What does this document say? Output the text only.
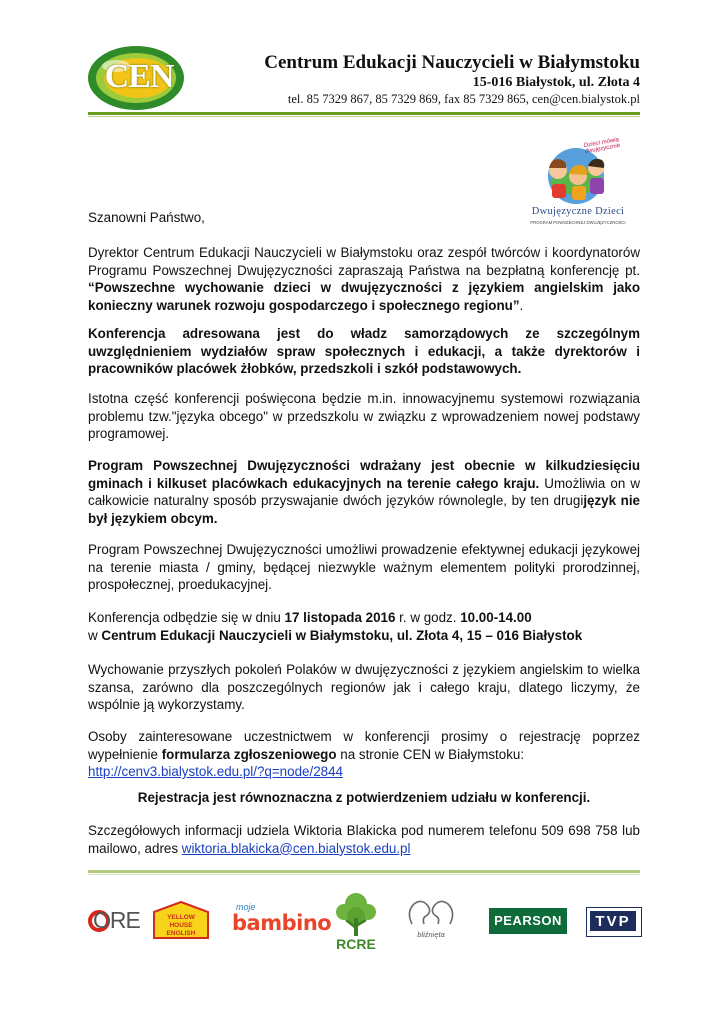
CEN	Centrum Edukacji Nauczycieli w Białymstoku
15-016 Białystok, ul. Złota 4
tel. 85 7329 867, 85 7329 869, fax 85 7329 865, cen@cen.bialystok.pl
Dzieci mówią dwujęzycznie
Dwujęzyczne Dzieci
PROGRAM POWSZECHNEJ DWUJĘZYCZNOŚCI

Szanowni Państwo,

Dyrektor Centrum Edukacji Nauczycieli w Białymstoku oraz zespół twórców i koordynatorów Programu Powszechnej Dwujęzyczności zapraszają Państwa na bezpłatną konferencję pt. “Powszechne wychowanie dzieci w dwujęzyczności z językiem angielskim jako konieczny warunek rozwoju gospodarczego i społecznego regionu”.

Konferencja adresowana jest do władz samorządowych ze szczególnym uwzględnieniem wydziałów spraw społecznych i edukacji, a także dyrektorów i pracowników placówek żłobków, przedszkoli i szkół podstawowych.

Istotna część konferencji poświęcona będzie m.in. innowacyjnemu systemowi rozwiązania problemu tzw."języka obcego" w przedszkolu w związku z wprowadzeniem nowej podstawy programowej.

Program Powszechnej Dwujęzyczności wdrażany jest obecnie w kilkudziesięciu gminach i kilkuset placówkach edukacyjnych na terenie całego kraju. Umożliwia on w całkowicie naturalny sposób przyswajanie dwóch języków równolegle, by ten drugijęzyk nie był językiem obcym.

Program Powszechnej Dwujęzyczności umożliwi prowadzenie efektywnej edukacji językowej na terenie miasta / gminy, będącej niezwykle ważnym elementem polityki prorodzinnej, prospołecznej, proedukacyjnej.

Konferencja odbędzie się w dniu 17 listopada 2016 r. w godz. 10.00-14.00
w Centrum Edukacji Nauczycieli w Białymstoku, ul. Złota 4, 15 – 016 Białystok

Wychowanie przyszłych pokoleń Polaków w dwujęzyczności z językiem angielskim to wielka szansa, zarówno dla poszczególnych regionów jak i całego kraju, dlatego liczymy, że wspólnie ją wykorzystamy.

Osoby zainteresowane uczestnictwem w konferencji prosimy o rejestrację poprzez wypełnienie formularza zgłoszeniowego na stronie CEN w Białymstoku:
http://cenv3.bialystok.edu.pl/?q=node/2844

Rejestracja jest równoznaczna z potwierdzeniem udziału w konferencji.

Szczegółowych informacji udziela Wiktoria Blakicka pod numerem telefonu 509 698 758 lub mailowo, adres wiktoria.blakicka@cen.bialystok.edu.pl

ORE	YELLOW HOUSE ENGLISH
moje
bambino
RCRE
bliźnięta
PEARSON	TVP
